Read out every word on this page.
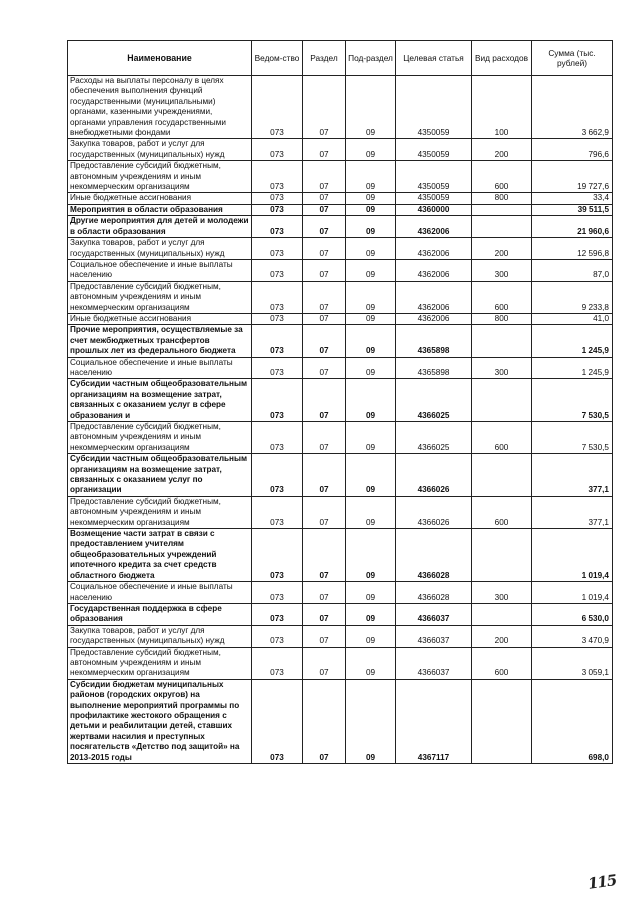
Наименование	Ведом-ство	Раздел	Под-раздел	Целевая статья	Вид расходов	Сумма (тыс. рублей)
Расходы на выплаты персоналу в целях обеспечения выполнения функций государственными (муниципальными) органами, казенными учреждениями, органами управления государственными внебюджетными фондами	073	07	09	4350059	100	3 662,9
Закупка товаров, работ и услуг для государственных (муниципальных) нужд	073	07	09	4350059	200	796,6
Предоставление субсидий бюджетным, автономным учреждениям и иным некоммерческим организациям	073	07	09	4350059	600	19 727,6
Иные бюджетные ассигнования	073	07	09	4350059	800	33,4
Мероприятия в области образования	073	07	09	4360000		39 511,5
Другие мероприятия для детей и молодежи в области образования	073	07	09	4362006		21 960,6
Закупка товаров, работ и услуг для государственных (муниципальных) нужд	073	07	09	4362006	200	12 596,8
Социальное обеспечение и иные выплаты населению	073	07	09	4362006	300	87,0
Предоставление субсидий бюджетным, автономным учреждениям и иным некоммерческим организациям	073	07	09	4362006	600	9 233,8
Иные бюджетные ассигнования	073	07	09	4362006	800	41,0
Прочие мероприятия, осуществляемые за счет межбюджетных трансфертов прошлых лет из федерального бюджета	073	07	09	4365898		1 245,9
Социальное обеспечение и иные выплаты населению	073	07	09	4365898	300	1 245,9
Субсидии частным общеобразовательным организациям на возмещение затрат, связанных с оказанием услуг в сфере образования и	073	07	09	4366025		7 530,5
Предоставление субсидий бюджетным, автономным учреждениям и иным некоммерческим организациям	073	07	09	4366025	600	7 530,5
Субсидии частным общеобразовательным организациям на возмещение затрат, связанных с оказанием услуг по организации	073	07	09	4366026		377,1
Предоставление субсидий бюджетным, автономным учреждениям и иным некоммерческим организациям	073	07	09	4366026	600	377,1
Возмещение части затрат в связи с предоставлением учителям общеобразовательных учреждений ипотечного кредита за счет средств областного бюджета	073	07	09	4366028		1 019,4
Социальное обеспечение и иные выплаты населению	073	07	09	4366028	300	1 019,4
Государственная поддержка в сфере образования	073	07	09	4366037		6 530,0
Закупка товаров, работ и услуг для государственных (муниципальных) нужд	073	07	09	4366037	200	3 470,9
Предоставление субсидий бюджетным, автономным учреждениям и иным некоммерческим организациям	073	07	09	4366037	600	3 059,1
Субсидии бюджетам муниципальных районов (городских округов) на выполнение мероприятий программы по профилактике жестокого обращения с детьми и реабилитации детей, ставших жертвами насилия и преступных посягательств «Детство под защитой» на 2013-2015 годы	073	07	09	4367117		698,0
115
